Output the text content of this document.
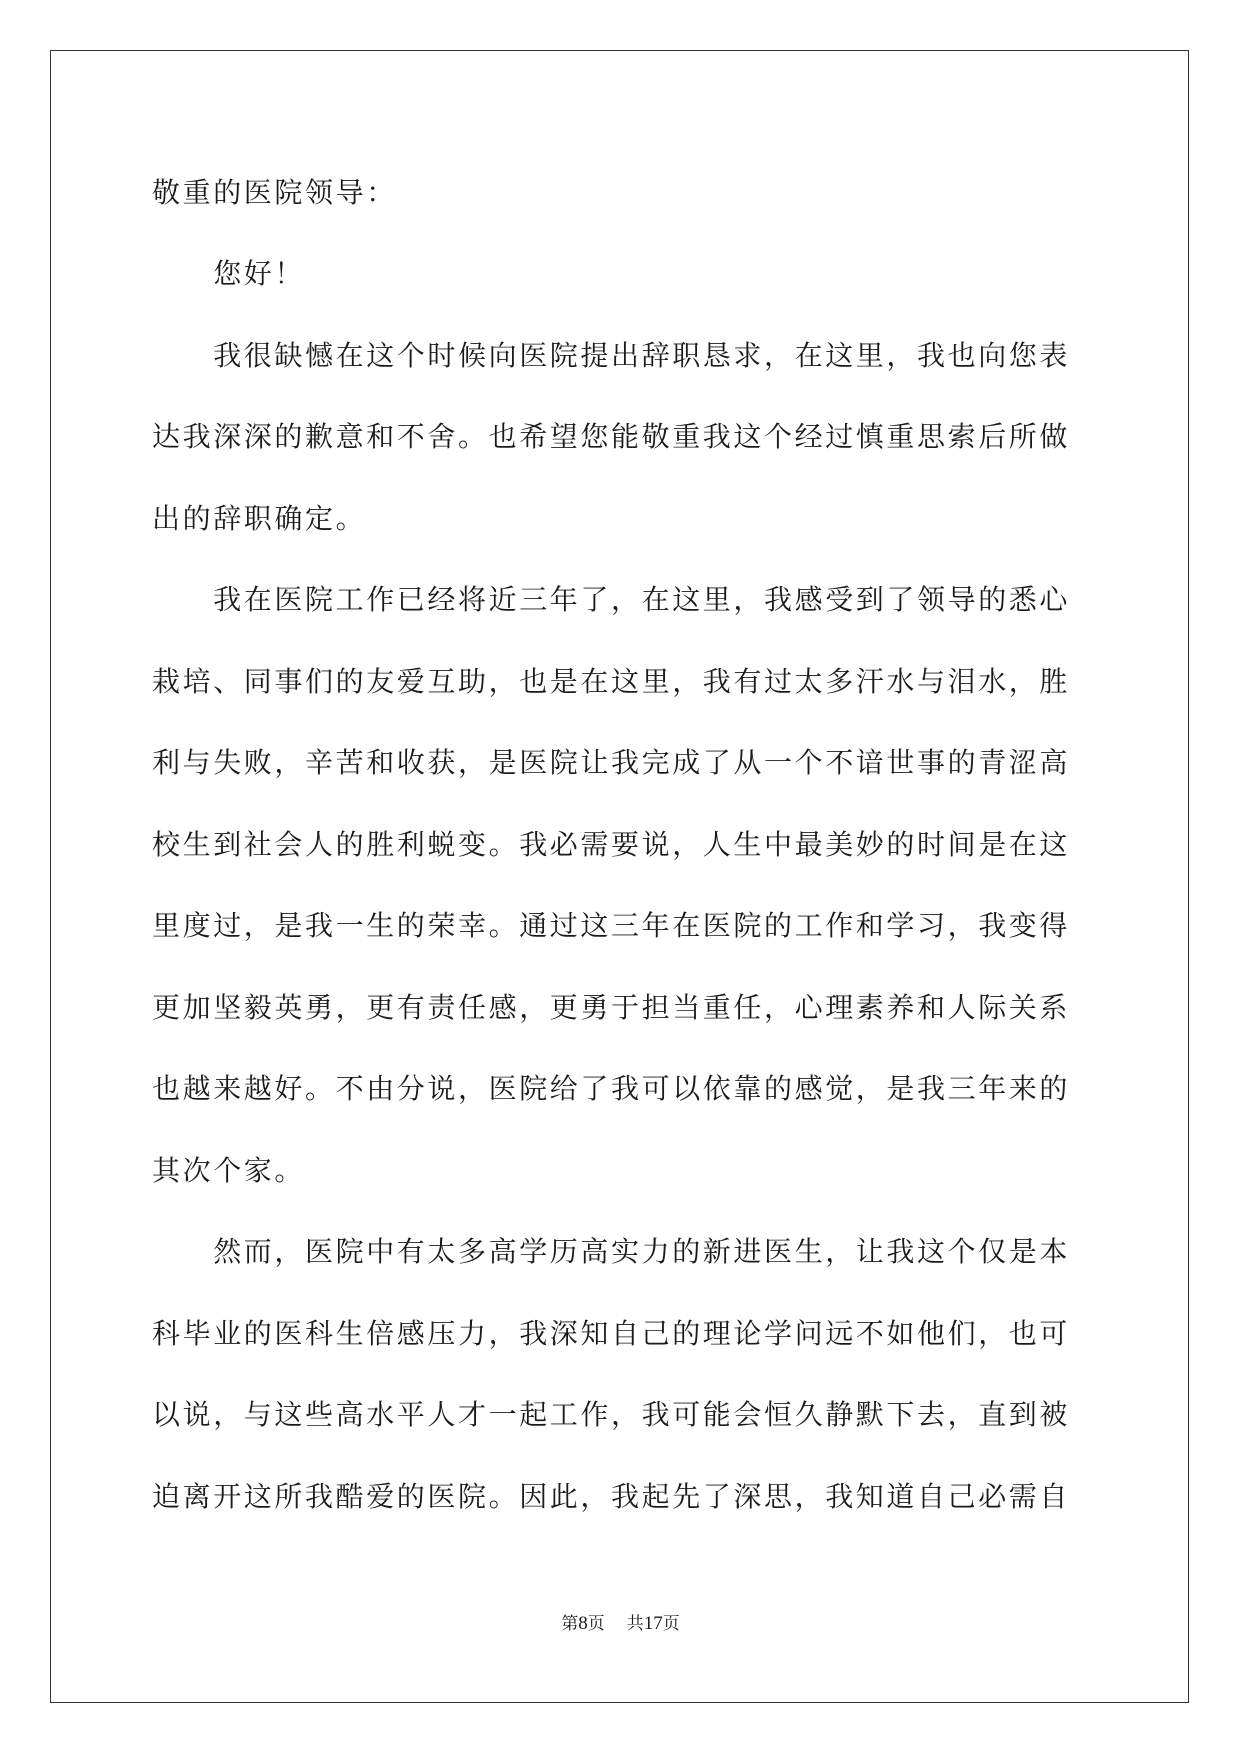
敬重的医院领导：
　　您好！
　　我很缺憾在这个时候向医院提出辞职恳求，在这里，我也向您表
达我深深的歉意和不舍。也希望您能敬重我这个经过慎重思索后所做
出的辞职确定。
　　我在医院工作已经将近三年了，在这里，我感受到了领导的悉心
栽培、同事们的友爱互助，也是在这里，我有过太多汗水与泪水，胜
利与失败，辛苦和收获，是医院让我完成了从一个不谙世事的青涩高
校生到社会人的胜利蜕变。我必需要说，人生中最美妙的时间是在这
里度过，是我一生的荣幸。通过这三年在医院的工作和学习，我变得
更加坚毅英勇，更有责任感，更勇于担当重任，心理素养和人际关系
也越来越好。不由分说，医院给了我可以依靠的感觉，是我三年来的
其次个家。
　　然而，医院中有太多高学历高实力的新进医生，让我这个仅是本
科毕业的医科生倍感压力，我深知自己的理论学问远不如他们，也可
以说，与这些高水平人才一起工作，我可能会恒久静默下去，直到被
迫离开这所我酷爱的医院。因此，我起先了深思，我知道自己必需自
第8页 共17页
